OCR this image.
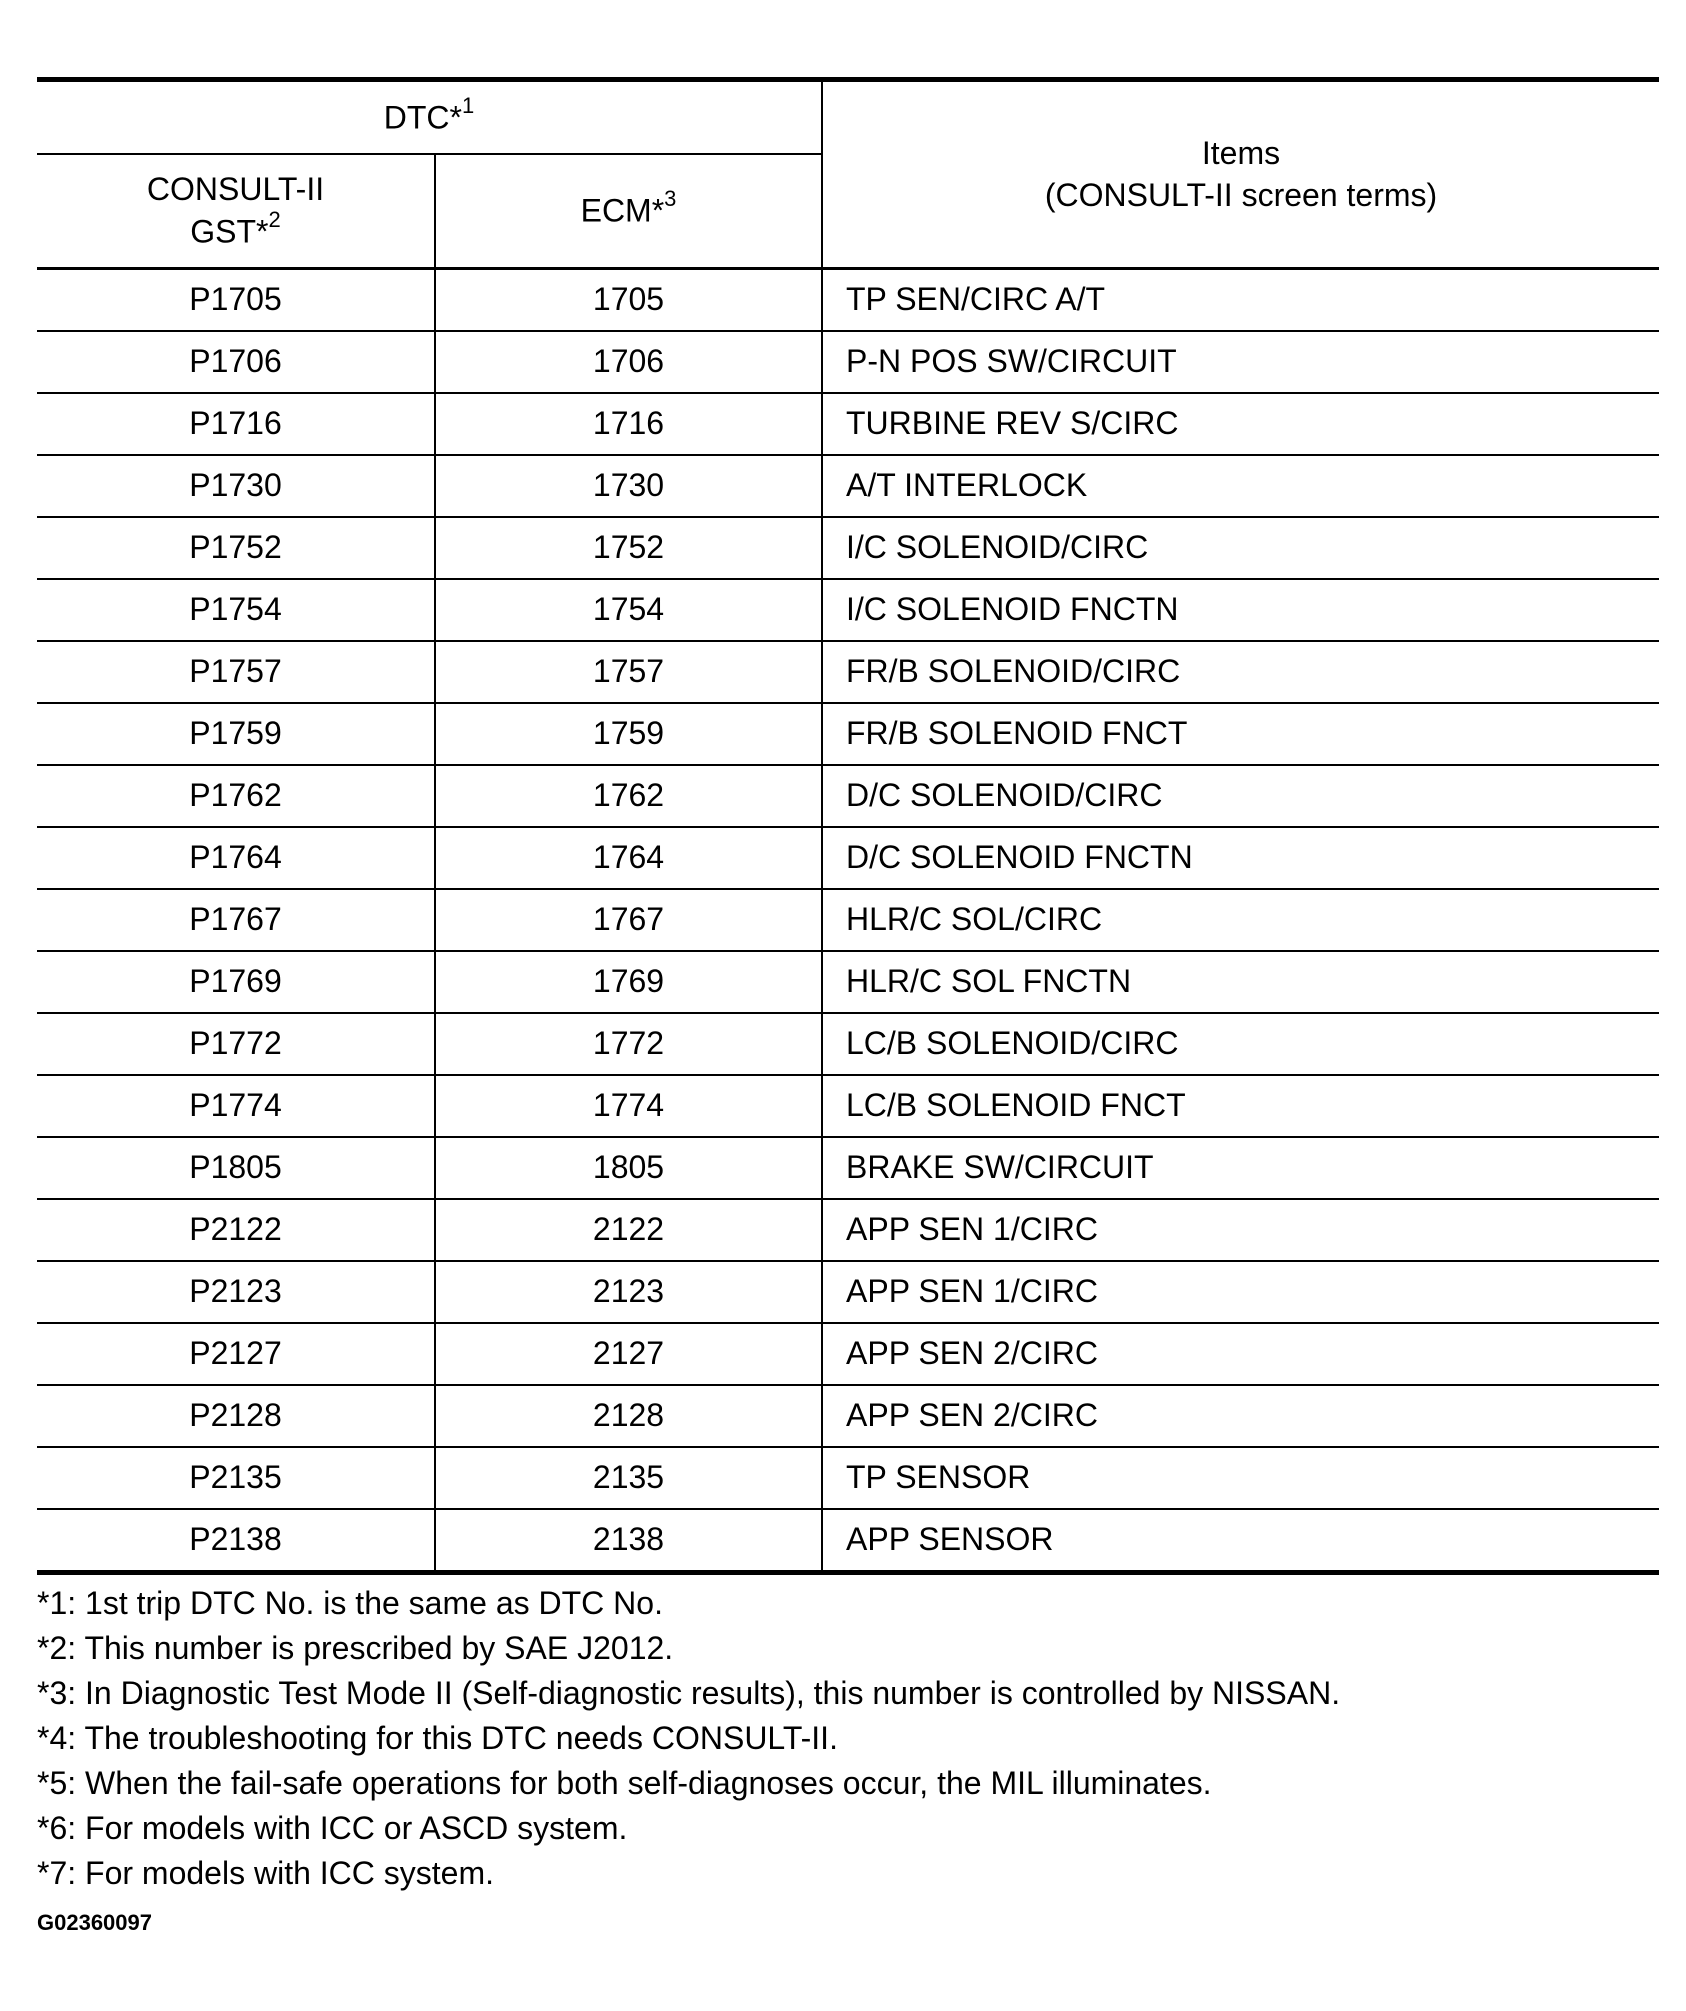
DTC*$^1$		Items
(CONSULT-II screen terms)

CONSULT-II
GST*$^2$	ECM*$^3$
P1705	1705	TP SEN/CIRC A/T
P1706	1706	P-N POS SW/CIRCUIT
P1716	1716	TURBINE REV S/CIRC
P1730	1730	A/T INTERLOCK
P1752	1752	I/C SOLENOID/CIRC
P1754	1754	I/C SOLENOID FNCTN
P1757	1757	FR/B SOLENOID/CIRC
P1759	1759	FR/B SOLENOID FNCT
P1762	1762	D/C SOLENOID/CIRC
P1764	1764	D/C SOLENOID FNCTN
P1767	1767	HLR/C SOL/CIRC
P1769	1769	HLR/C SOL FNCTN
P1772	1772	LC/B SOLENOID/CIRC
P1774	1774	LC/B SOLENOID FNCT
P1805	1805	BRAKE SW/CIRCUIT
P2122	2122	APP SEN 1/CIRC
P2123	2123	APP SEN 1/CIRC
P2127	2127	APP SEN 2/CIRC
P2128	2128	APP SEN 2/CIRC
P2135	2135	TP SENSOR
P2138	2138	APP SENSOR
*1: 1st trip DTC No. is the same as DTC No.
*2: This number is prescribed by SAE J2012.
*3: In Diagnostic Test Mode II (Self-diagnostic results), this number is controlled by NISSAN.
*4: The troubleshooting for this DTC needs CONSULT-II.
*5: When the fail-safe operations for both self-diagnoses occur, the MIL illuminates.
*6: For models with ICC or ASCD system.
*7: For models with ICC system.
G02360097
